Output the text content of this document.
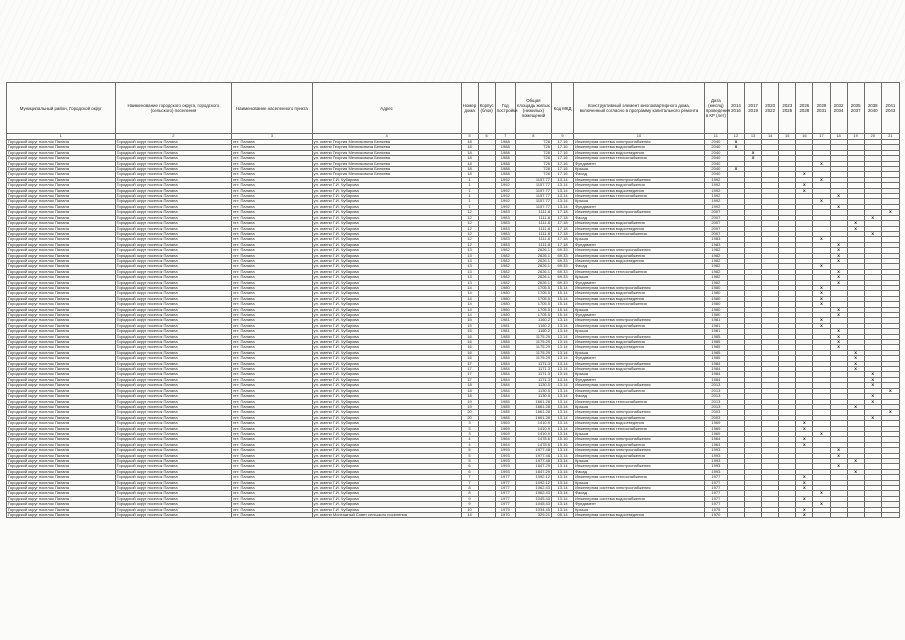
Муниципальный район, Городской округ	Наименование городского округа, городского (сельского) поселения	Наименование населенного пункта	Адрес	Номер дома	Корпус (блок)	Год постройки	Общая площадь жилых (нежилых) помещений	Код МКД	Конструктивный элемент многоквартирного дома, включенный согласно в программу капитального ремонта	Дата (месяц) проведения в КР (лет)	2014 2016	2017 2019	2020 2022	2023 2025	2026 2028	2029 2031	2032 2034	2035 2037	2038 2040	2041 2043
1	2	3	4	5	6	7	8	9	10	11	12	13	14	15	16	17	18	19	20	21
Городской округ поселок Палана	Городской округ поселок Палана	пгт. Палана	ул. имени Георгия Мечниковича Беляева	18		1988	726	17.16	Инженерная система электроснабжения	2040	X									
Городской округ поселок Палана	Городской округ поселок Палана	пгт. Палана	ул. имени Георгия Мечниковича Беляева	18		1988	726	17.16	Инженерная система водоснабжения	2040	X									
Городской округ поселок Палана	Городской округ поселок Палана	пгт. Палана	ул. имени Георгия Мечниковича Беляева	18		1988	726	17.16	Инженерная система водоотведения	2040		X								
Городской округ поселок Палана	Городской округ поселок Палана	пгт. Палана	ул. имени Георгия Мечниковича Беляева	18		1988	726	17.16	Инженерная система теплоснабжения	2040		X								
Городской округ поселок Палана	Городской округ поселок Палана	пгт. Палана	ул. имени Георгия Мечниковича Беляева	18		1988	726	17.16	Фундамент	2040						X				
Городской округ поселок Палана	Городской округ поселок Палана	пгт. Палана	ул. имени Георгия Мечниковича Беляева	18		1988	726	17.16	Крыша	2040	X									
Городской округ поселок Палана	Городской округ поселок Палана	пгт. Палана	ул. имени Георгия Мечниковича Беляева	18		1988	726	17.16	Фасад	2040					X					
Городской округ поселок Палана	Городской округ поселок Палана	пгт. Палана	ул. имени Г.И. Чубарова	1		1992	1157.77	13.14	Инженерная система электроснабжения	1992						X				
Городской округ поселок Палана	Городской округ поселок Палана	пгт. Палана	ул. имени Г.И. Чубарова	1		1992	1157.77	13.14	Инженерная система водоснабжения	1992					X					
Городской округ поселок Палана	Городской округ поселок Палана	пгт. Палана	ул. имени Г.И. Чубарова	1		1992	1157.77	13.14	Инженерная система водоотведения	1992					X					
Городской округ поселок Палана	Городской округ поселок Палана	пгт. Палана	ул. имени Г.И. Чубарова	1		1992	1157.77	13.14	Инженерная система теплоснабжения	1992							X			
Городской округ поселок Палана	Городской округ поселок Палана	пгт. Палана	ул. имени Г.И. Чубарова	1		1992	1157.77	13.14	Крыша	1992						X				
Городской округ поселок Палана	Городской округ поселок Палана	пгт. Палана	ул. имени Г.И. Чубарова	1		1992	1157.77	13.14	Фундамент	1992							X			
Городской округ поселок Палана	Городской округ поселок Палана	пгт. Палана	ул. имени Г.И. Чубарова	12		1983	1111.8	17.18	Инженерная система электроснабжения	2007										X
Городской округ поселок Палана	Городской округ поселок Палана	пгт. Палана	ул. имени Г.И. Чубарова	12		1983	1111.8	17.18	Фасад	2007									X	
Городской округ поселок Палана	Городской округ поселок Палана	пгт. Палана	ул. имени Г.И. Чубарова	12		1983	1111.8	17.18	Инженерная система водоснабжения	2007								X		
Городской округ поселок Палана	Городской округ поселок Палана	пгт. Палана	ул. имени Г.И. Чубарова	12		1983	1111.8	17.18	Инженерная система водоотведения	2007								X		
Городской округ поселок Палана	Городской округ поселок Палана	пгт. Палана	ул. имени Г.И. Чубарова	12		1983	1111.8	17.18	Инженерная система теплоснабжения	2007									X	
Городской округ поселок Палана	Городской округ поселок Палана	пгт. Палана	ул. имени Г.И. Чубарова	12		1983	1111.8	17.18	Крыша	1983						X				
Городской округ поселок Палана	Городской округ поселок Палана	пгт. Палана	ул. имени Г.И. Чубарова	12		1983	1111.8	17.18	Фундамент	1983							X			
Городской округ поселок Палана	Городской округ поселок Палана	пгт. Палана	ул. имени Г.И. Чубарова	13		1982	2626.1	69.33	Инженерная система электроснабжения	1982							X			
Городской округ поселок Палана	Городской округ поселок Палана	пгт. Палана	ул. имени Г.И. Чубарова	13		1982	2626.1	69.33	Инженерная система водоснабжения	1982							X			
Городской округ поселок Палана	Городской округ поселок Палана	пгт. Палана	ул. имени Г.И. Чубарова	13		1982	2626.1	69.33	Инженерная система водоотведения	1982							X			
Городской округ поселок Палана	Городской округ поселок Палана	пгт. Палана	ул. имени Г.И. Чубарова	13		1982	2626.1	69.33	Фасад	1982						X				
Городской округ поселок Палана	Городской округ поселок Палана	пгт. Палана	ул. имени Г.И. Чубарова	13		1982	2626.1	69.33	Инженерная система теплоснабжения	1982							X			
Городской округ поселок Палана	Городской округ поселок Палана	пгт. Палана	ул. имени Г.И. Чубарова	13		1982	2626.1	69.33	Крыша	1982							X			
Городской округ поселок Палана	Городской округ поселок Палана	пгт. Палана	ул. имени Г.И. Чубарова	13		1982	2626.1	69.33	Фундамент	1982							X			
Городской округ поселок Палана	Городской округ поселок Палана	пгт. Палана	ул. имени Г.И. Чубарова	14		1980	1705.5	15.14	Инженерная система электроснабжения	1980						X				
Городской округ поселок Палана	Городской округ поселок Палана	пгт. Палана	ул. имени Г.И. Чубарова	14		1980	1705.5	15.14	Инженерная система водоснабжения	1980						X				
Городской округ поселок Палана	Городской округ поселок Палана	пгт. Палана	ул. имени Г.И. Чубарова	14		1980	1705.5	15.14	Инженерная система водоотведения	1980						X				
Городской округ поселок Палана	Городской округ поселок Палана	пгт. Палана	ул. имени Г.И. Чубарова	14		1980	1705.5	15.14	Инженерная система теплоснабжения	1980						X				
Городской округ поселок Палана	Городской округ поселок Палана	пгт. Палана	ул. имени Г.И. Чубарова	14		1980	1705.5	15.14	Крыша	1980							X			
Городской округ поселок Палана	Городской округ поселок Палана	пгт. Палана	ул. имени Г.И. Чубарова	14		1980	1705.5	15.14	Фундамент	1980							X			
Городской округ поселок Палана	Городской округ поселок Палана	пгт. Палана	ул. имени Г.И. Чубарова	15		1981	1160.2	13.14	Инженерная система электроснабжения	1981						X				
Городской округ поселок Палана	Городской округ поселок Палана	пгт. Палана	ул. имени Г.И. Чубарова	15		1981	1160.2	13.14	Инженерная система водоснабжения	1981						X				
Городской округ поселок Палана	Городской округ поселок Палана	пгт. Палана	ул. имени Г.И. Чубарова	15		1981	1160.2	13.14	Крыша	1981							X			
Городской округ поселок Палана	Городской округ поселок Палана	пгт. Палана	ул. имени Г.И. Чубарова	16		1985	1175.29	13.14	Инженерная система электроснабжения	1985							X			
Городской округ поселок Палана	Городской округ поселок Палана	пгт. Палана	ул. имени Г.И. Чубарова	16		1985	1175.29	13.14	Инженерная система водоснабжения	1985							X			
Городской округ поселок Палана	Городской округ поселок Палана	пгт. Палана	ул. имени Г.И. Чубарова	16		1985	1175.29	13.14	Инженерная система водоотведения	1985							X			
Городской округ поселок Палана	Городской округ поселок Палана	пгт. Палана	ул. имени Г.И. Чубарова	16		1985	1175.29	13.14	Крыша	1985								X		
Городской округ поселок Палана	Городской округ поселок Палана	пгт. Палана	ул. имени Г.И. Чубарова	16		1985	1175.29	13.14	Фундамент	1985								X		
Городской округ поселок Палана	Городской округ поселок Палана	пгт. Палана	ул. имени Г.И. Чубарова	17		1984	1171.3	13.14	Инженерная система электроснабжения	1984								X		
Городской округ поселок Палана	Городской округ поселок Палана	пгт. Палана	ул. имени Г.И. Чубарова	17		1984	1171.3	13.14	Инженерная система водоснабжения	1984								X		
Городской округ поселок Палана	Городской округ поселок Палана	пгт. Палана	ул. имени Г.И. Чубарова	17		1984	1171.3	13.14	Крыша	1984									X	
Городской округ поселок Палана	Городской округ поселок Палана	пгт. Палана	ул. имени Г.И. Чубарова	17		1984	1171.3	13.14	Фундамент	1984									X	
Городской округ поселок Палана	Городской округ поселок Палана	пгт. Палана	ул. имени Г.И. Чубарова	18		1984	1130.5	13.14	Инженерная система электроснабжения	2013									X	
Городской округ поселок Палана	Городской округ поселок Палана	пгт. Палана	ул. имени Г.И. Чубарова	18		1984	1130.5	13.14	Инженерная система водоснабжения	2013										X
Городской округ поселок Палана	Городской округ поселок Палана	пгт. Палана	ул. имени Г.И. Чубарова	18		1984	1130.5	13.14	Фасад	2013									X	
Городской округ поселок Палана	Городской округ поселок Палана	пгт. Палана	ул. имени Г.И. Чубарова	19		1985	1661.28	13.14	Инженерная система теплоснабжения	2013									X	
Городской округ поселок Палана	Городской округ поселок Палана	пгт. Палана	ул. имени Г.И. Чубарова	19		1985	1661.28	13.14	Крыша	2013								X		
Городской округ поселок Палана	Городской округ поселок Палана	пгт. Палана	ул. имени Г.И. Чубарова	20		1985	1661.28	13.14	Инженерная система электроснабжения	2003										X
Городской округ поселок Палана	Городской округ поселок Палана	пгт. Палана	ул. имени Г.И. Чубарова	20		1985	1661.28	13.14	Инженерная система водоснабжения	2003									X	
Городской округ поселок Палана	Городской округ поселок Палана	пгт. Палана	ул. имени Г.И. Чубарова	3		1969	1410.9	13.14	Инженерная система водоотведения	1969					X					
Городской округ поселок Палана	Городской округ поселок Палана	пгт. Палана	ул. имени Г.И. Чубарова	3		1969	1410.9	13.14	Инженерная система теплоснабжения	1969					X					
Городской округ поселок Палана	Городской округ поселок Палана	пгт. Палана	ул. имени Г.И. Чубарова	3		1969	1410.9	13.14	Крыша	1969						X				
Городской округ поселок Палана	Городской округ поселок Палана	пгт. Палана	ул. имени Г.И. Чубарова	4		1964	1478.6	15.16	Инженерная система электроснабжения	1964					X					
Городской округ поселок Палана	Городской округ поселок Палана	пгт. Палана	ул. имени Г.И. Чубарова	4		1964	1478.6	15.16	Инженерная система водоснабжения	1964					X					
Городской округ поселок Палана	Городской округ поселок Палана	пгт. Палана	ул. имени Г.И. Чубарова	5		1993	1977.48	13.14	Инженерная система электроснабжения	1993							X			
Городской округ поселок Палана	Городской округ поселок Палана	пгт. Палана	ул. имени Г.И. Чубарова	5		1993	1977.48	13.14	Инженерная система водоснабжения	1993							X			
Городской округ поселок Палана	Городской округ поселок Палана	пгт. Палана	ул. имени Г.И. Чубарова	5		1993	1977.48	13.14	Крыша	1993								X		
Городской округ поселок Палана	Городской округ поселок Палана	пгт. Палана	ул. имени Г.И. Чубарова	6		1993	1647.29	13.14	Инженерная система электроснабжения	1993							X			
Городской округ поселок Палана	Городской округ поселок Палана	пгт. Палана	ул. имени Г.И. Чубарова	6		1993	1647.29	13.14	Фасад	1993								X		
Городской округ поселок Палана	Городской округ поселок Палана	пгт. Палана	ул. имени Г.И. Чубарова	7		1977	1092.12	13.14	Инженерная система теплоснабжения	1977					X					
Городской округ поселок Палана	Городской округ поселок Палана	пгт. Палана	ул. имени Г.И. Чубарова	7		1977	1092.12	13.14	Крыша	1977					X					
Городской округ поселок Палана	Городской округ поселок Палана	пгт. Палана	ул. имени Г.И. Чубарова	8		1977	1062.43	13.14	Инженерная система электроснабжения	1977					X					
Городской округ поселок Палана	Городской округ поселок Палана	пгт. Палана	ул. имени Г.И. Чубарова	8		1977	1062.43	13.14	Фасад	1977						X				
Городской округ поселок Палана	Городской округ поселок Палана	пгт. Палана	ул. имени Г.И. Чубарова	9		1977	1045.43	13.14	Инженерная система водоснабжения	1977					X					
Городской округ поселок Палана	Городской округ поселок Палана	пгт. Палана	ул. имени Г.И. Чубарова	9		1977	1045.43	13.14	Фундамент	1977						X				
Городской округ поселок Палана	Городской округ поселок Палана	пгт. Палана	ул. имени Г.И. Чубарова	10		1975	1034.45	13.14	Крыша	1975					X					
Городской округ поселок Палана	Городской округ поселок Палана	пгт. Палана	ул. имени Монтажный Совет сельского поселения	14		1970	329.21	05.14	Инженерная система водоотведения	1970					X					
